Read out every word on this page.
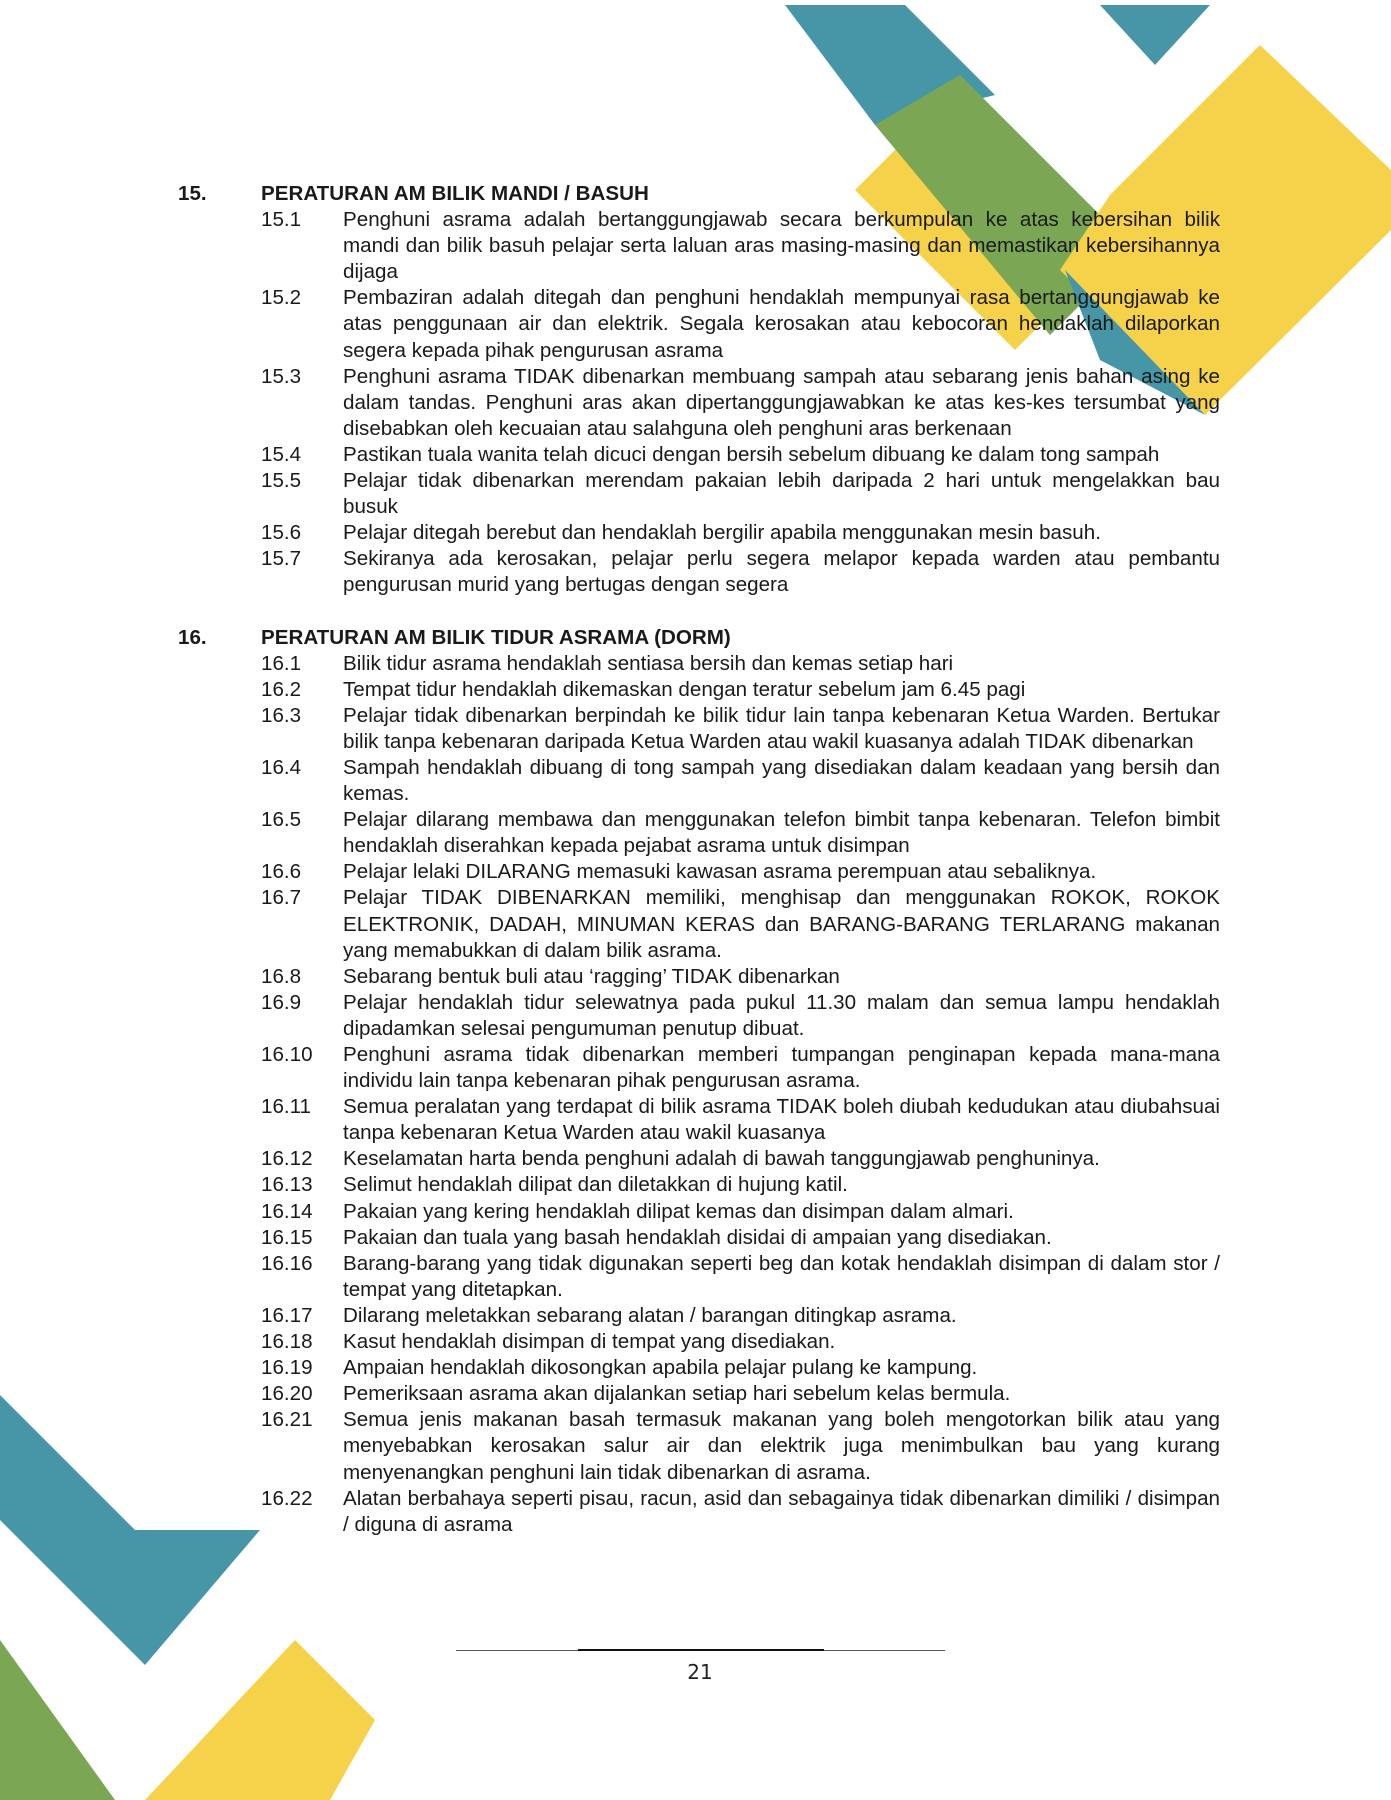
15.	PERATURAN AM BILIK MANDI / BASUH
15.1	Penghuni asrama adalah bertanggungjawab secara berkumpulan ke atas kebersihan bilik mandi dan bilik basuh pelajar serta laluan aras masing-masing dan memastikan kebersihannya dijaga
15.2	Pembaziran adalah ditegah dan penghuni hendaklah mempunyai rasa bertanggungjawab ke atas penggunaan air dan elektrik. Segala kerosakan atau kebocoran hendaklah dilaporkan segera kepada pihak pengurusan asrama
15.3	Penghuni asrama TIDAK dibenarkan membuang sampah atau sebarang jenis bahan asing ke dalam tandas. Penghuni aras akan dipertanggungjawabkan ke atas kes-kes tersumbat yang disebabkan oleh kecuaian atau salahguna oleh penghuni aras berkenaan
15.4	Pastikan tuala wanita telah dicuci dengan bersih sebelum dibuang ke dalam tong sampah
15.5	Pelajar tidak dibenarkan merendam pakaian lebih daripada 2 hari untuk mengelakkan bau busuk
15.6	Pelajar ditegah berebut dan hendaklah bergilir apabila menggunakan mesin basuh.
15.7	Sekiranya ada kerosakan, pelajar perlu segera melapor kepada warden atau pembantu pengurusan murid yang bertugas dengan segera
16.	PERATURAN AM BILIK TIDUR ASRAMA (DORM)
16.1	Bilik tidur asrama hendaklah sentiasa bersih dan kemas setiap hari
16.2	Tempat tidur hendaklah dikemaskan dengan teratur sebelum jam 6.45 pagi
16.3	Pelajar tidak dibenarkan berpindah ke bilik tidur lain tanpa kebenaran Ketua Warden. Bertukar bilik tanpa kebenaran daripada Ketua Warden atau wakil kuasanya adalah TIDAK dibenarkan
16.4	Sampah hendaklah dibuang di tong sampah yang disediakan dalam keadaan yang bersih dan kemas.
16.5	Pelajar dilarang membawa dan menggunakan telefon bimbit tanpa kebenaran. Telefon bimbit hendaklah diserahkan kepada pejabat asrama untuk disimpan
16.6	Pelajar lelaki DILARANG memasuki kawasan asrama perempuan atau sebaliknya.
16.7	Pelajar TIDAK DIBENARKAN memiliki, menghisap dan menggunakan ROKOK, ROKOK ELEKTRONIK, DADAH, MINUMAN KERAS dan BARANG-BARANG TERLARANG makanan yang memabukkan di dalam bilik asrama.
16.8	Sebarang bentuk buli atau ‘ragging’ TIDAK dibenarkan
16.9	Pelajar hendaklah tidur selewatnya pada pukul 11.30 malam dan semua lampu hendaklah dipadamkan selesai pengumuman penutup dibuat.
16.10	Penghuni asrama tidak dibenarkan memberi tumpangan penginapan kepada mana-mana individu lain tanpa kebenaran pihak pengurusan asrama.
16.11	Semua peralatan yang terdapat di bilik asrama TIDAK boleh diubah kedudukan atau diubahsuai tanpa kebenaran Ketua Warden atau wakil kuasanya
16.12	Keselamatan harta benda penghuni adalah di bawah tanggungjawab penghuninya.
16.13	Selimut hendaklah dilipat dan diletakkan di hujung katil.
16.14	Pakaian yang kering hendaklah dilipat kemas dan disimpan dalam almari.
16.15	Pakaian dan tuala yang basah hendaklah disidai di ampaian yang disediakan.
16.16	Barang-barang yang tidak digunakan seperti beg dan kotak hendaklah disimpan di dalam stor / tempat yang ditetapkan.
16.17	Dilarang meletakkan sebarang alatan / barangan ditingkap asrama.
16.18	Kasut hendaklah disimpan di tempat yang disediakan.
16.19	Ampaian hendaklah dikosongkan apabila pelajar pulang ke kampung.
16.20	Pemeriksaan asrama akan dijalankan setiap hari sebelum kelas bermula.
16.21	Semua jenis makanan basah termasuk makanan yang boleh mengotorkan bilik atau yang menyebabkan kerosakan salur air dan elektrik juga menimbulkan bau yang kurang menyenangkan penghuni lain tidak dibenarkan di asrama.
16.22	Alatan berbahaya seperti pisau, racun, asid dan sebagainya tidak dibenarkan dimiliki / disimpan / diguna di asrama
21
